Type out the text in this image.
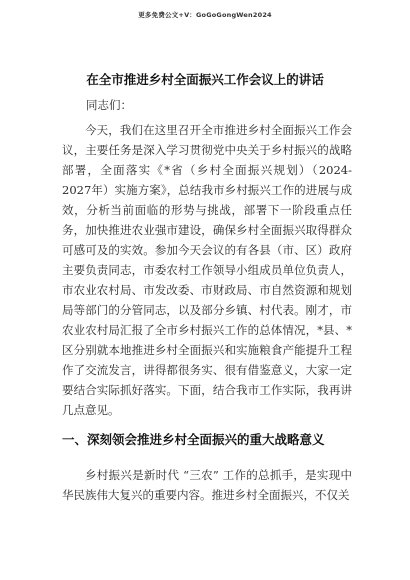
更多免费公文+V：GoGoGongWen2024
在全市推进乡村全面振兴工作会议上的讲话

同志们：

今天，我们在这里召开全市推进乡村全面振兴工作会议，主要任务是深入学习贯彻党中央关于乡村振兴的战略部署，全面落实《*省（乡村全面振兴规划）（2024-2027年）实施方案》，总结我市乡村振兴工作的进展与成效，分析当前面临的形势与挑战，部署下一阶段重点任务，加快推进农业强市建设，确保乡村全面振兴取得群众可感可及的实效。参加今天会议的有各县（市、区）政府主要负责同志，市委农村工作领导小组成员单位负责人，市农业农村局、市发改委、市财政局、市自然资源和规划局等部门的分管同志，以及部分乡镇、村代表。刚才，市农业农村局汇报了全市乡村振兴工作的总体情况，*县、*区分别就本地推进乡村全面振兴和实施粮食产能提升工程作了交流发言，讲得都很务实、很有借鉴意义，大家一定要结合实际抓好落实。下面，结合我市工作实际，我再讲几点意见。

一、深刻领会推进乡村全面振兴的重大战略意义

乡村振兴是新时代 “三农” 工作的总抓手，是实现中华民族伟大复兴的重要内容。推进乡村全面振兴，不仅关
